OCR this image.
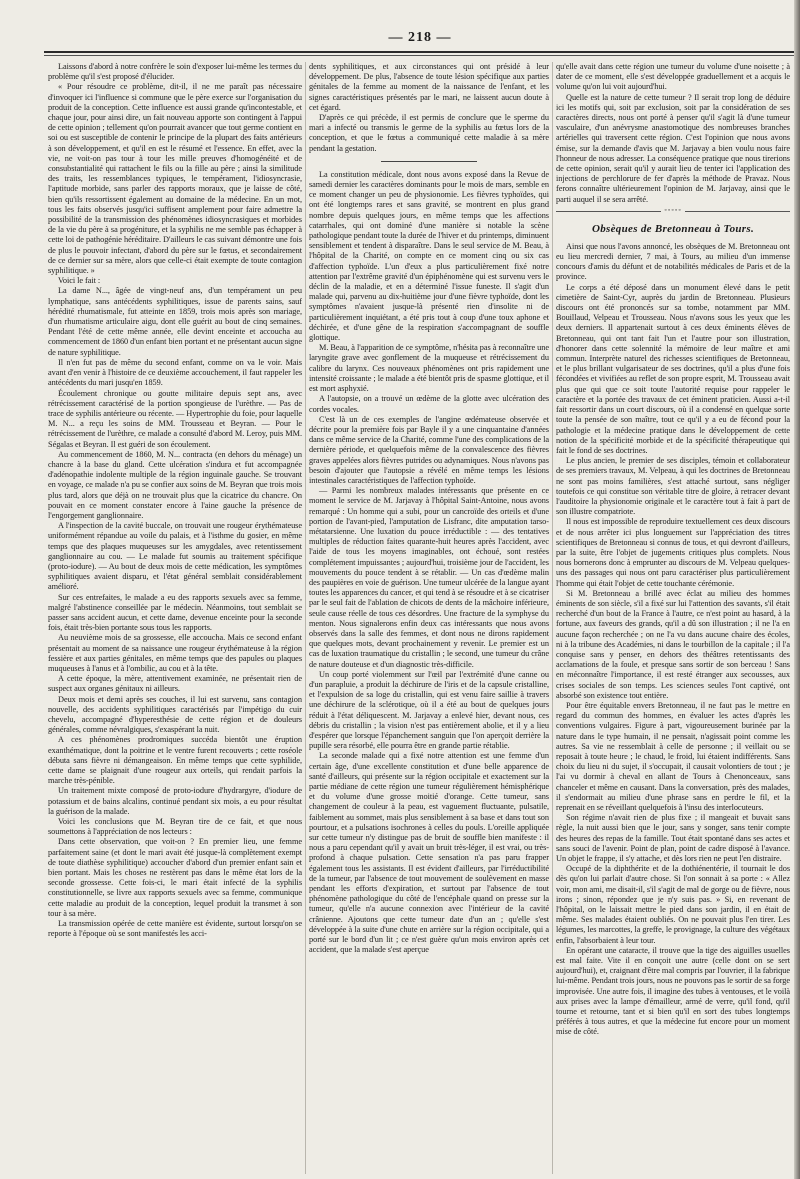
— 218 —

Laissons d'abord à notre confrère le soin d'exposer lui-même les termes du problème qu'il s'est proposé d'élucider.

« Pour résoudre ce problème, dit-il, il ne me paraît pas nécessaire d'invoquer ici l'influence si commune que le père exerce sur l'organisation du produit de la conception. Cette influence est aussi grande qu'incontestable, et chaque jour, pour ainsi dire, un fait nouveau apporte son contingent à l'appui de cette opinion ; tellement qu'on pourrait avancer que tout germe contient en soi ou est susceptible de contenir le principe de la plupart des faits antérieurs à son développement, et qu'il en est le résumé et l'essence. En effet, avec la vie, ne voit-on pas tour à tour les mille preuves d'homogénéité et de consubstantialité qui rattachent le fils ou la fille au père ; ainsi la similitude des traits, les ressemblances typiques, le tempérament, l'idiosyncrasie, l'aptitude morbide, sans parler des rapports moraux, que je laisse de côté, bien qu'ils ressortissent également au domaine de la médecine. En un mot, tous les faits observés jusqu'ici suffisent amplement pour faire admettre la possibilité de la transmission des phénomènes idiosyncrasiques et morbides de la vie du père à sa progéniture, et la syphilis ne me semble pas échapper à cette loi de pathogénie héréditaire. D'ailleurs le cas suivant démontre une fois de plus le pouvoir infectant, d'abord du père sur le fœtus, et secondairement de ce dernier sur sa mère, alors que celle-ci était exempte de toute contagion syphilitique. »

Voici le fait :

La dame N..., âgée de vingt-neuf ans, d'un tempérament un peu lymphatique, sans antécédents syphilitiques, issue de parents sains, sauf hérédité rhumatismale, fut atteinte en 1859, trois mois après son mariage, d'un rhumatisme articulaire aigu, dont elle guérit au bout de cinq semaines. Pendant l'été de cette même année, elle devint enceinte et accoucha au commencement de 1860 d'un enfant bien portant et ne présentant aucun signe de nature syphilitique.

Il n'en fut pas de même du second enfant, comme on va le voir. Mais avant d'en venir à l'histoire de ce deuxième accouchement, il faut rappeler les antécédents du mari jusqu'en 1859.

Écoulement chronique ou goutte militaire depuis sept ans, avec rétrécissement caractérisé de la portion spongieuse de l'urèthre. — Pas de trace de syphilis antérieure ou récente. — Hypertrophie du foie, pour laquelle M. N... a reçu les soins de MM. Trousseau et Beyran. — Pour le rétrécissement de l'urèthre, ce malade a consulté d'abord M. Leroy, puis MM. Ségalas et Beyran. Il est guéri de son écoulement.

Au commencement de 1860, M. N... contracta (en dehors du ménage) un chancre à la base du gland. Cette ulcération s'indura et fut accompagnée d'adénopathie indolente multiple de la région inguinale gauche. Se trouvant en voyage, ce malade n'a pu se confier aux soins de M. Beyran que trois mois plus tard, alors que déjà on ne trouvait plus que la cicatrice du chancre. On pouvait en ce moment constater encore à l'aine gauche la présence de l'engorgement ganglionnaire.

A l'inspection de la cavité buccale, on trouvait une rougeur érythémateuse uniformément répandue au voile du palais, et à l'isthme du gosier, en même temps que des plaques muqueuses sur les amygdales, avec retentissement ganglionnaire au cou. — Le malade fut soumis au traitement spécifique (proto-iodure). — Au bout de deux mois de cette médication, les symptômes syphilitiques avaient disparu, et l'état général semblait considérablement amélioré.

Sur ces entrefaites, le malade a eu des rapports sexuels avec sa femme, malgré l'abstinence conseillée par le médecin. Néanmoins, tout semblait se passer sans accident aucun, et cette dame, devenue enceinte pour la seconde fois, était très-bien portante sous tous les rapports.

Au neuvième mois de sa grossesse, elle accoucha. Mais ce second enfant présentait au moment de sa naissance une rougeur érythémateuse à la région fessière et aux parties génitales, en même temps que des papules ou plaques muqueuses à l'anus et à l'ombilic, au cou et à la tête.

A cette époque, la mère, attentivement examinée, ne présentait rien de suspect aux organes génitaux ni ailleurs.

Deux mois et demi après ses couches, il lui est survenu, sans contagion nouvelle, des accidents syphilitiques caractérisés par l'impétigo du cuir chevelu, accompagné d'hyperesthésie de cette région et de douleurs générales, comme névralgiques, s'exaspérant la nuit.

A ces phénomènes prodromiques succéda bientôt une éruption exanthématique, dont la poitrine et le ventre furent recouverts ; cette roséole débuta sans fièvre ni démangeaison. En même temps que cette syphilide, cette dame se plaignait d'une rougeur aux orteils, qui rendait parfois la marche très-pénible.

Un traitement mixte composé de proto-iodure d'hydrargyre, d'iodure de potassium et de bains alcalins, continué pendant six mois, a eu pour résultat la guérison de la malade.

Voici les conclusions que M. Beyran tire de ce fait, et que nous soumettons à l'appréciation de nos lecteurs :

Dans cette observation, que voit-on ? En premier lieu, une femme parfaitement saine (et dont le mari avait été jusque-là complètement exempt de toute diathèse syphilitique) accoucher d'abord d'un premier enfant sain et bien portant. Mais les choses ne restèrent pas dans le même état lors de la seconde grossesse. Cette fois-ci, le mari était infecté de la syphilis constitutionnelle, se livre aux rapports sexuels avec sa femme, communique cette maladie au produit de la conception, lequel produit la transmet à son tour à sa mère.

La transmission opérée de cette manière est évidente, surtout lorsqu'on se reporte à l'époque où se sont manifestés les acci-

dents syphilitiques, et aux circonstances qui ont présidé à leur développement. De plus, l'absence de toute lésion spécifique aux parties génitales de la femme au moment de la naissance de l'enfant, et les signes caractéristiques présentés par le mari, ne laissent aucun doute à cet égard.

D'après ce qui précède, il est permis de conclure que le sperme du mari a infecté ou transmis le germe de la syphilis au fœtus lors de la conception, et que le fœtus a communiqué cette maladie à sa mère pendant la gestation.

La constitution médicale, dont nous avons exposé dans la Revue de samedi dernier les caractères dominants pour le mois de mars, semble en ce moment changer un peu de physionomie. Les fièvres typhoïdes, qui ont été longtemps rares et sans gravité, se montrent en plus grand nombre depuis quelques jours, en même temps que les affections catarrhales, qui ont dominé d'une manière si notable la scène pathologique pendant toute la durée de l'hiver et du printemps, diminuent sensiblement et tendent à disparaître. Dans le seul service de M. Beau, à l'hôpital de la Charité, on compte en ce moment cinq ou six cas d'affection typhoïde. L'un d'eux a plus particulièrement fixé notre attention par l'extrême gravité d'un épiphénomène qui est survenu vers le déclin de la maladie, et en a déterminé l'issue funeste. Il s'agit d'un malade qui, parvenu au dix-huitième jour d'une fièvre typhoïde, dont les symptômes n'avaient jusque-là présenté rien d'insolite ni de particulièrement inquiétant, a été pris tout à coup d'une toux aphone et déchirée, et d'une gêne de la respiration s'accompagnant de souffle glottique.

M. Beau, à l'apparition de ce symptôme, n'hésita pas à reconnaître une laryngite grave avec gonflement de la muqueuse et rétrécissement du calibre du larynx. Ces nouveaux phénomènes ont pris rapidement une intensité croissante ; le malade a été bientôt pris de spasme glottique, et il est mort asphyxié.

A l'autopsie, on a trouvé un œdème de la glotte avec ulcération des cordes vocales.

C'est là un de ces exemples de l'angine œdémateuse observée et décrite pour la première fois par Bayle il y a une cinquantaine d'années dans ce même service de la Charité, comme l'une des complications de la dernière période, et quelquefois même de la convalescence des fièvres graves appelées alors fièvres putrides ou adynamiques. Nous n'avons pas besoin d'ajouter que l'autopsie a révélé en même temps les lésions intestinales caractéristiques de l'affection typhoïde.

— Parmi les nombreux malades intéressants que présente en ce moment le service de M. Jarjavay à l'hôpital Saint-Antoine, nous avons remarqué : Un homme qui a subi, pour un cancroïde des orteils et d'une portion de l'avant-pied, l'amputation de Lisfranc, dite amputation tarso-métatarsienne. Une luxation du pouce irréductible : — des tentatives multiples de réduction faites quarante-huit heures après l'accident, avec l'aide de tous les moyens imaginables, ont échoué, sont restées complétement impuissantes ; aujourd'hui, troisième jour de l'accident, les mouvements du pouce tendent à se rétablir. — Un cas d'œdème malin des paupières en voie de guérison. Une tumeur ulcérée de la langue ayant toutes les apparences du cancer, et qui tend à se résoudre et à se cicatriser par le seul fait de l'ablation de chicots de dents de la mâchoire inférieure, seule cause réelle de tous ces désordres. Une fracture de la symphyse du menton. Nous signalerons enfin deux cas intéressants que nous avons observés dans la salle des femmes, et dont nous ne dirons rapidement que quelques mots, devant prochainement y revenir. Le premier est un cas de luxation traumatique du cristallin ; le second, une tumeur du crâne de nature douteuse et d'un diagnostic très-difficile.

Un coup porté violemment sur l'œil par l'extrémité d'une canne ou d'un parapluie, a produit la déchirure de l'iris et de la capsule cristalline, et l'expulsion de sa loge du cristallin, qui est venu faire saillie à travers une déchirure de la sclérotique, où il a été au bout de quelques jours réduit à l'état déliquescent. M. Jarjavay a enlevé hier, devant nous, ces débris du cristallin ; la vision n'est pas entièrement abolie, et il y a lieu d'espérer que lorsque l'épanchement sanguin que l'on aperçoit derrière la pupille sera résorbé, elle pourra être en grande partie rétablie.

La seconde malade qui a fixé notre attention est une femme d'un certain âge, d'une excellente constitution et d'une belle apparence de santé d'ailleurs, qui présente sur la région occipitale et exactement sur la partie médiane de cette région une tumeur régulièrement hémisphérique et du volume d'une grosse moitié d'orange. Cette tumeur, sans changement de couleur à la peau, est vaguement fluctuante, pulsatile, faiblement au sommet, mais plus sensiblement à sa base et dans tout son pourtour, et a pulsations isochrones à celles du pouls. L'oreille appliquée sur cette tumeur n'y distingue pas de bruit de souffle bien manifeste : il nous a paru cependant qu'il y avait un bruit très-léger, il est vrai, ou très-profond à chaque pulsation. Cette sensation n'a pas paru frapper également tous les assistants. Il est évident d'ailleurs, par l'irréductibilité de la tumeur, par l'absence de tout mouvement de soulèvement en masse pendant les efforts d'expiration, et surtout par l'absence de tout phénomène pathologique du côté de l'encéphale quand on presse sur la tumeur, qu'elle n'a aucune connexion avec l'intérieur de la cavité crânienne. Ajoutons que cette tumeur date d'un an ; qu'elle s'est développée à la suite d'une chute en arrière sur la région occipitale, qui a porté sur le bord d'un lit ; ce n'est guère qu'un mois environ après cet accident, que la malade s'est aperçue

qu'elle avait dans cette région une tumeur du volume d'une noisette ; à dater de ce moment, elle s'est développée graduellement et a acquis le volume qu'on lui voit aujourd'hui.

Quelle est la nature de cette tumeur ? Il serait trop long de déduire ici les motifs qui, soit par exclusion, soit par la considération de ses caractères directs, nous ont porté à penser qu'il s'agit là d'une tumeur vasculaire, d'un anévrysme anastomotique des nombreuses branches artérielles qui traversent cette région. C'est l'opinion que nous avons émise, sur la demande d'avis que M. Jarjavay a bien voulu nous faire l'honneur de nous adresser. La conséquence pratique que nous tirerions de cette opinion, serait qu'il y aurait lieu de tenter ici l'application des injections de perchlorure de fer d'après la méthode de Pravaz. Nous ferons connaître ultérieurement l'opinion de M. Jarjavay, ainsi que le parti auquel il se sera arrêté.

◦◦◦◦◦
Obsèques de Bretonneau à Tours.

Ainsi que nous l'avons annoncé, les obsèques de M. Bretonneau ont eu lieu mercredi dernier, 7 mai, à Tours, au milieu d'un immense concours d'amis du défunt et de notabilités médicales de Paris et de la province.

Le corps a été déposé dans un monument élevé dans le petit cimetière de Saint-Cyr, auprès du jardin de Bretonneau. Plusieurs discours ont été prononcés sur sa tombe, notamment par MM. Bouillaud, Velpeau et Trousseau. Nous n'avons sous les yeux que les deux derniers. Il appartenait surtout à ces deux éminents élèves de Bretonneau, qui ont tant fait l'un et l'autre pour son illustration, d'honorer dans cette solennité la mémoire de leur maître et ami commun. Interprète naturel des richesses scientifiques de Bretonneau, et le plus brillant vulgarisateur de ses doctrines, qu'il a plus d'une fois fécondées et vivifiées au reflet de son propre esprit, M. Trousseau avait plus que qui que ce soit toute l'autorité requise pour rappeler le caractère et la portée des travaux de cet éminent praticien. Aussi a-t-il fait ressortir dans un court discours, où il a condensé en quelque sorte toute la pensée de son maître, tout ce qu'il y a eu de fécond pour la pathologie et la médecine pratique dans le développement de cette notion de la spécificité morbide et de la spécificité thérapeutique qui fait le fond de ses doctrines.

Le plus ancien, le premier de ses disciples, témoin et collaborateur de ses premiers travaux, M. Velpeau, à qui les doctrines de Bretonneau ne sont pas moins familières, s'est attaché surtout, sans négliger toutefois ce qui constitue son véritable titre de gloire, à retracer devant l'auditoire la physionomie originale et le caractère tout à fait à part de son illustre compatriote.

Il nous est impossible de reproduire textuellement ces deux discours et de nous arrêter ici plus longuement sur l'appréciation des titres scientifiques de Bretonneau si connus de tous, et qui devront d'ailleurs, par la suite, être l'objet de jugements critiques plus complets. Nous nous bornerons donc à emprunter au discours de M. Velpeau quelques-uns des passages qui nous ont paru caractériser plus particulièrement l'homme qui était l'objet de cette touchante cérémonie.

Si M. Bretonneau a brillé avec éclat au milieu des hommes éminents de son siècle, s'il a fixé sur lui l'attention des savants, s'il était recherché d'un bout de la France à l'autre, ce n'est point au hasard, à la fortune, aux faveurs des grands, qu'il a dû son illustration ; il ne l'a en aucune façon recherchée ; on ne l'a vu dans aucune chaire des écoles, ni à la tribune des Académies, ni dans le tourbillon de la capitale ; il l'a conquise sans y penser, en dehors des théâtres retentissants des acclamations de la foule, et presque sans sortir de son berceau ! Sans en méconnaître l'importance, il est resté étranger aux secousses, aux crises sociales de son temps. Les sciences seules l'ont captivé, ont absorbé son existence tout entière.

Pour être équitable envers Bretonneau, il ne faut pas le mettre en regard du commun des hommes, en évaluer les actes d'après les conventions vulgaires. Figure à part, vigoureusement burinée par la nature dans le type humain, il ne pensait, n'agissait point comme les autres. Sa vie ne ressemblait à celle de personne ; il veillait ou se reposait à toute heure ; le chaud, le froid, lui étaient indifférents. Sans choix du lieu ni du sujet, il s'occupait, il causait volontiers de tout ; je l'ai vu dormir à cheval en allant de Tours à Chenonceaux, sans chanceler et même en causant. Dans la conversation, près des malades, il s'endormait au milieu d'une phrase sans en perdre le fil, et la reprenait en se réveillant quelquefois à l'insu des interlocuteurs.

Son régime n'avait rien de plus fixe ; il mangeait et buvait sans règle, la nuit aussi bien que le jour, sans y songer, sans tenir compte des heures des repas de la famille. Tout était spontané dans ses actes et sans souci de l'avenir. Point de plan, point de cadre disposé à l'avance. Un objet le frappe, il s'y attache, et dès lors rien ne peut l'en distraire.

Occupé de la diphthérite et de la dothiénentérie, il tournait le dos dès qu'on lui parlait d'autre chose. Si l'on sonnait à sa porte : « Allez voir, mon ami, me disait-il, s'il s'agit de mal de gorge ou de fièvre, nous irons ; sinon, répondez que je n'y suis pas. » Si, en revenant de l'hôpital, on le laissait mettre le pied dans son jardin, il en était de même. Ses malades étaient oubliés. On ne pouvait plus l'en tirer. Les légumes, les marcottes, la greffe, le provignage, la culture des végétaux enfin, l'absorbaient à leur tour.

En opérant une cataracte, il trouve que la tige des aiguilles usuelles est mal faite. Vite il en conçoit une autre (celle dont on se sert aujourd'hui), et, craignant d'être mal compris par l'ouvrier, il la fabrique lui-même. Pendant trois jours, nous ne pouvons pas le sortir de sa forge improvisée. Une autre fois, il imagine des tubes à ventouses, et le voilà aux prises avec la lampe d'émailleur, armé de verre, qu'il fond, qu'il tourne et retourne, tant et si bien qu'il en sort des tubes longtemps préférés à tous autres, et que la médecine fut encore pour un moment mise de côté.
